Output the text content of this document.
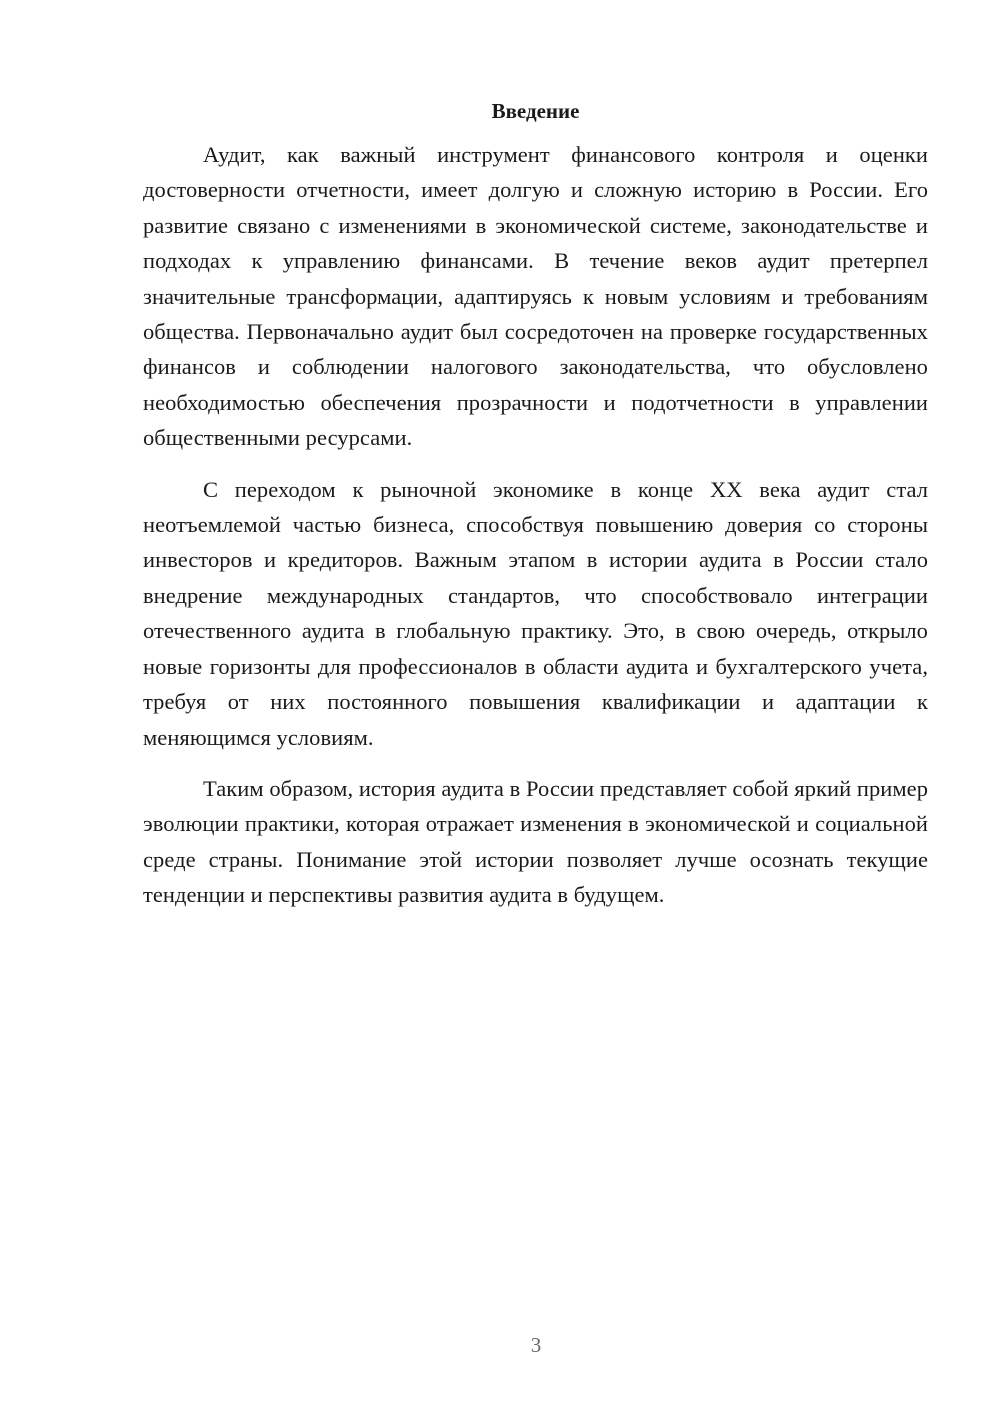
Введение

Аудит, как важный инструмент финансового контроля и оценки достоверности отчетности, имеет долгую и сложную историю в России. Его развитие связано с изменениями в экономической системе, законодательстве и подходах к управлению финансами. В течение веков аудит претерпел значительные трансформации, адаптируясь к новым условиям и требованиям общества. Первоначально аудит был сосредоточен на проверке государственных финансов и соблюдении налогового законодательства, что обусловлено необходимостью обеспечения прозрачности и подотчетности в управлении общественными ресурсами.

С переходом к рыночной экономике в конце XX века аудит стал неотъемлемой частью бизнеса, способствуя повышению доверия со стороны инвесторов и кредиторов. Важным этапом в истории аудита в России стало внедрение международных стандартов, что способствовало интеграции отечественного аудита в глобальную практику. Это, в свою очередь, открыло новые горизонты для профессионалов в области аудита и бухгалтерского учета, требуя от них постоянного повышения квалификации и адаптации к меняющимся условиям.

Таким образом, история аудита в России представляет собой яркий пример эволюции практики, которая отражает изменения в экономической и социальной среде страны. Понимание этой истории позволяет лучше осознать текущие тенденции и перспективы развития аудита в будущем.

3
